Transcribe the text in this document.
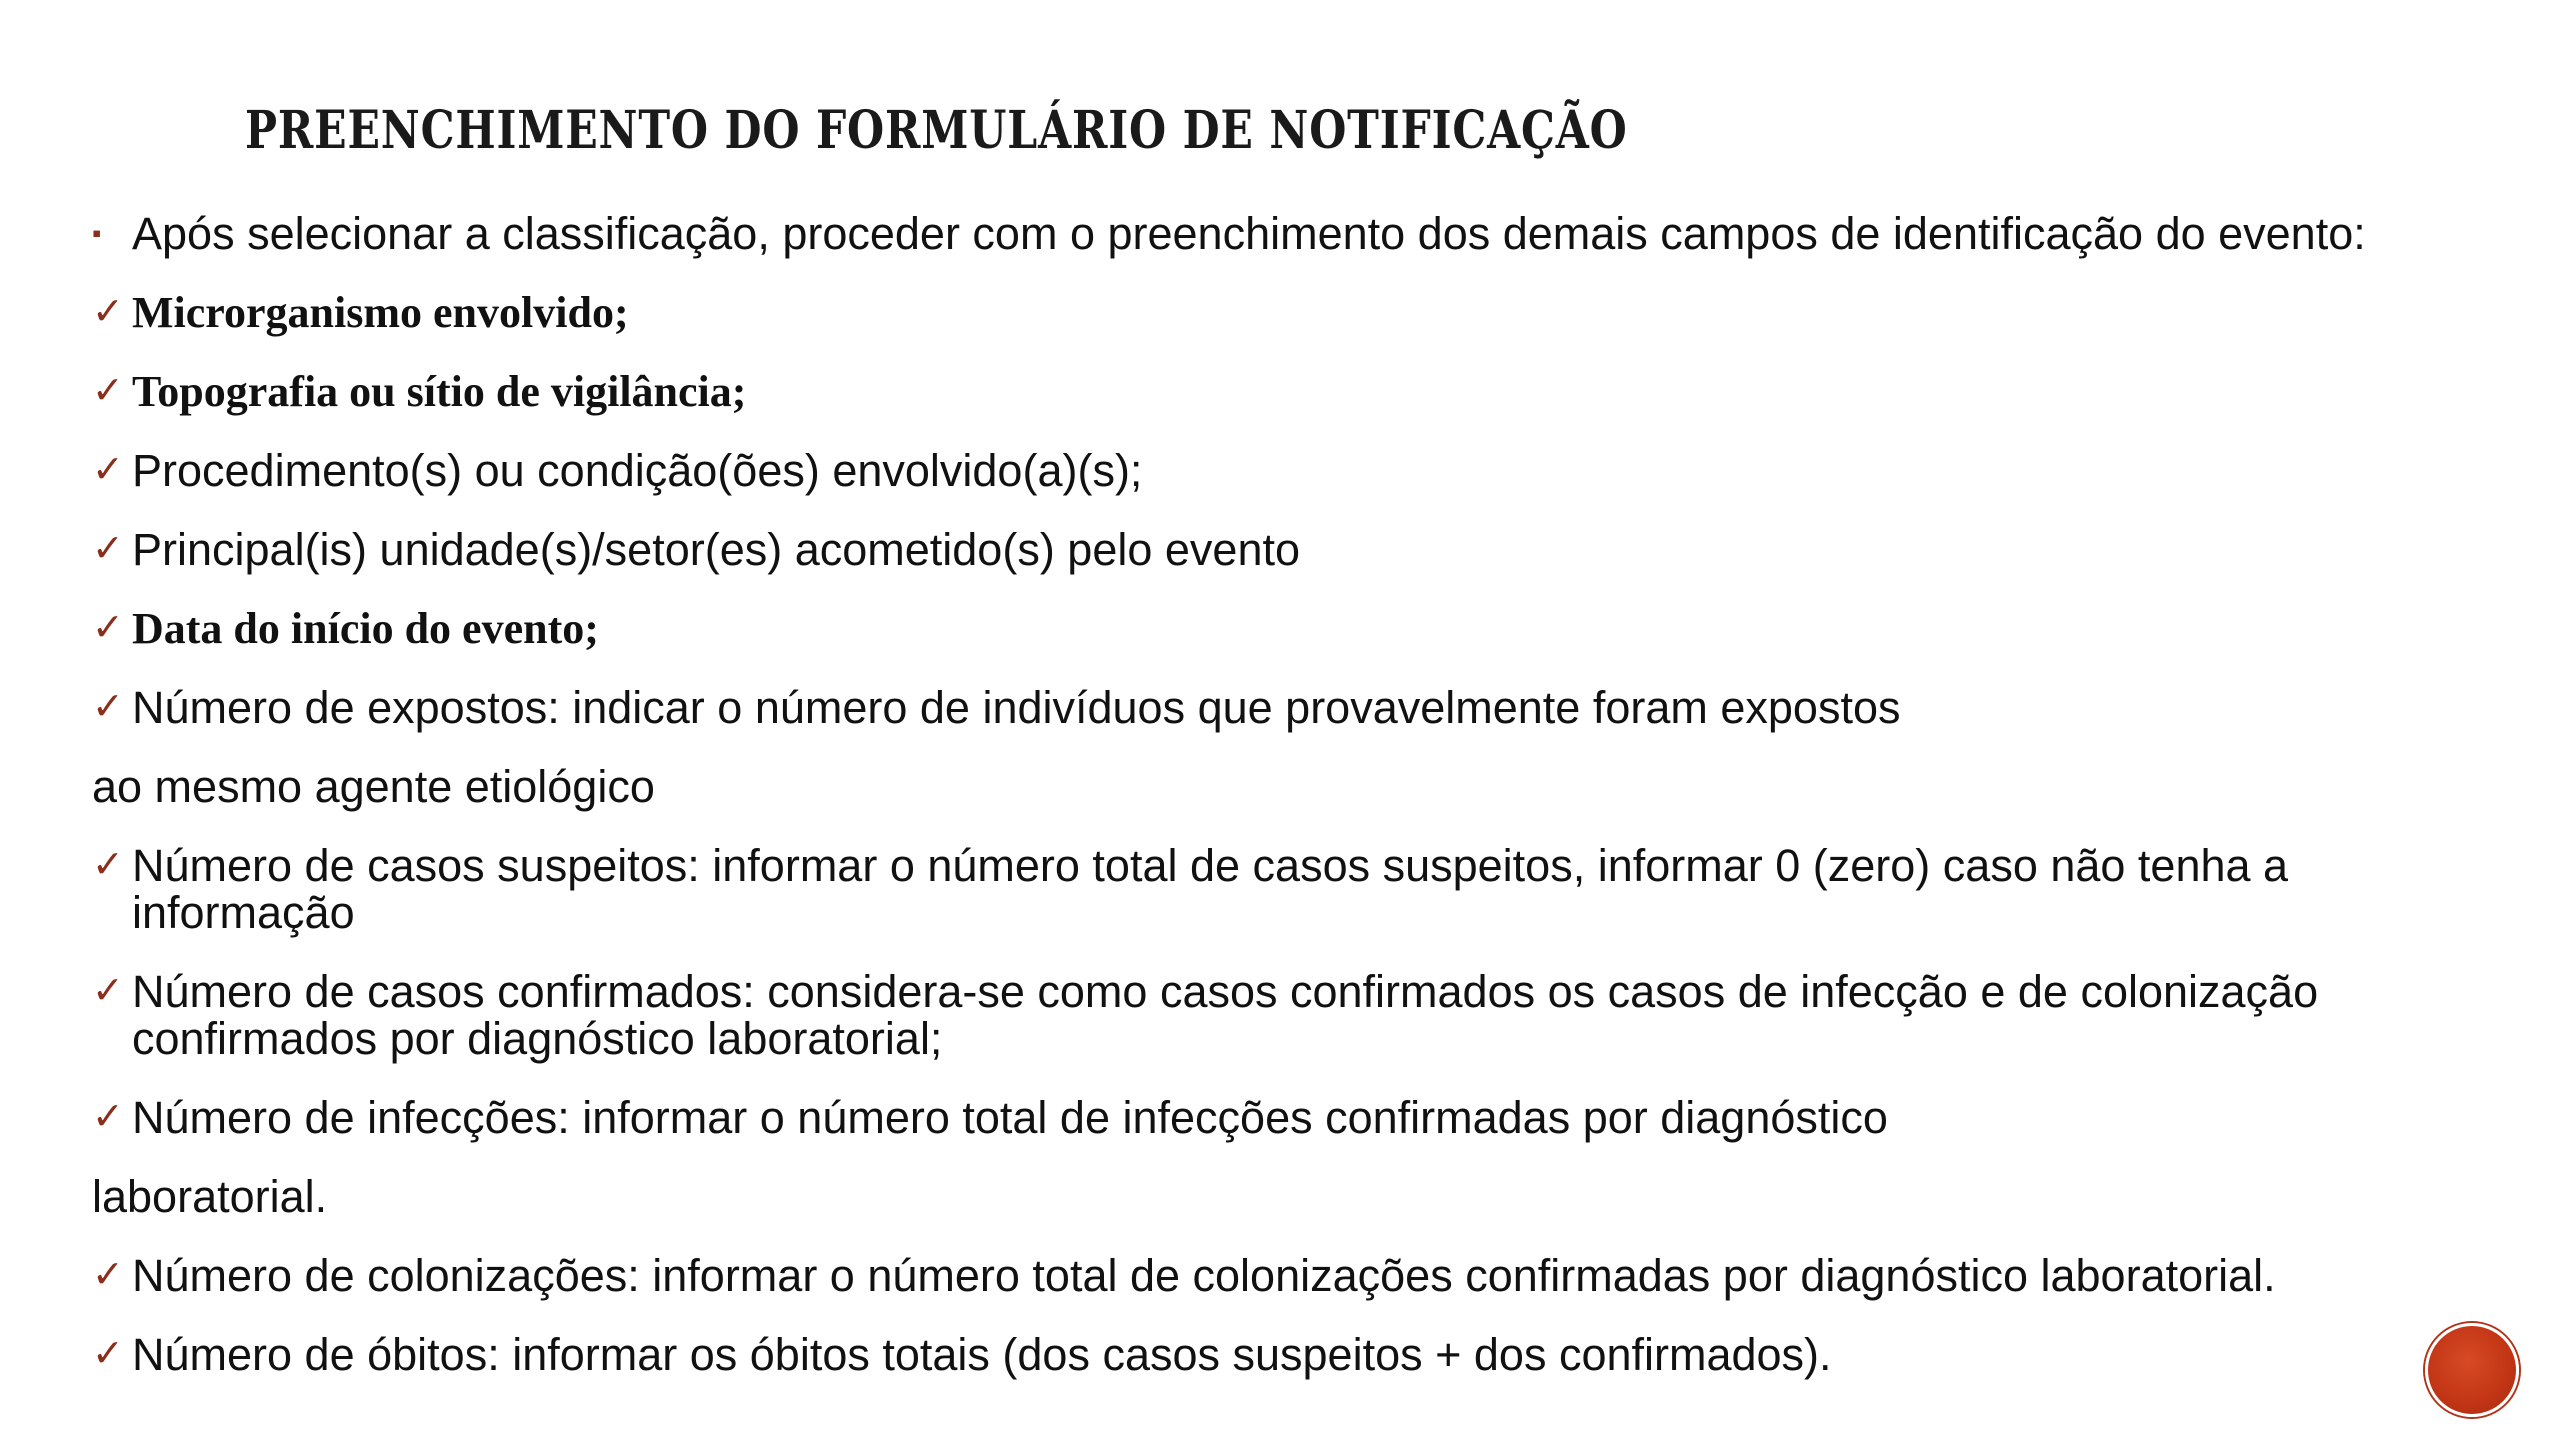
PREENCHIMENTO DO FORMULÁRIO DE NOTIFICAÇÃO
▪ Após selecionar a classificação, proceder com o preenchimento dos demais campos de identificação do evento:
✓ Microrganismo envolvido;
✓ Topografia ou sítio de vigilância;
✓ Procedimento(s) ou condição(ões) envolvido(a)(s);
✓ Principal(is) unidade(s)/setor(es) acometido(s) pelo evento
✓ Data do início do evento;
✓ Número de expostos: indicar o número de indivíduos que provavelmente foram expostos
ao mesmo agente etiológico
✓ Número de casos suspeitos: informar o número total de casos suspeitos, informar 0 (zero) caso não tenha a informação
✓ Número de casos confirmados: considera-se como casos confirmados os casos de infecção e de colonização confirmados por diagnóstico laboratorial;
✓ Número de infecções: informar o número total de infecções confirmadas por diagnóstico
laboratorial.
✓ Número de colonizações: informar o número total de colonizações confirmadas por diagnóstico laboratorial.
✓ Número de óbitos: informar os óbitos totais (dos casos suspeitos + dos confirmados).
